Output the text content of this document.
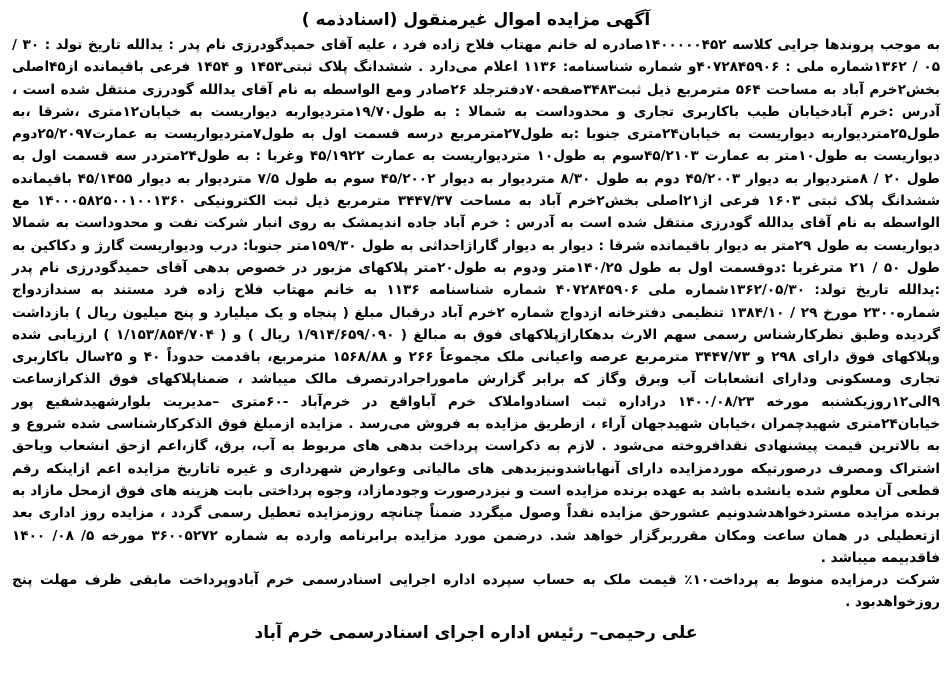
آگهی مزایده اموال غیرمنقول (اسنادذمه )

به موجب پروندها جرایی کلاسه ۱۴۰۰۰۰۰۴۵۲صادره له خانم مهتاب فلاح زاده فرد ، علیه آقای حمیدگودرزی نام پدر : یدالله تاریخ تولد : ۳۰ / ۰۵ / ۱۳۶۲شماره ملی : ۴۰۷۲۸۴۵۹۰۶و شماره شناسنامه: ۱۱۳۶ اعلام می‌دارد . ششدانگ پلاک ثبتی۱۴۵۳ و ۱۴۵۴ فرعی باقیمانده از۴۵اصلی بخش۲خرم آباد به مساحت ۵۶۴ مترمربع ذیل ثبت۳۴۸۳صفحه۷۰دفترجلد ۲۶صادر ومع الواسطه به نام آقای یدالله گودرزی منتقل شده است ، آدرس :خرم آبادخیابان طیب باکاربری تجاری و محدوداست به شمالا : به طول۱۹/۷۰متردیواربه دیواریست به خیابان۱۲متری ،شرقا ،به طول۲۵متردیواربه دیواریست به خیابان۲۴متری جنوبا :به طول۲۷مترمربع درسه قسمت اول به طول۷متردیواریست به عمارت۲۵/۲۰۹۷دوم دیواریست به طول۱۰متر به عمارت ۴۵/۲۱۰۳سوم به طول۱۰ متردیواریست به عمارت ۴۵/۱۹۲۲ وغربا : به طول۲۴متردر سه قسمت اول به طول ۲۰ / ۸متردیوار به دیوار ۴۵/۲۰۰۳ دوم به طول ۸/۳۰ متردیوار به دیوار ۴۵/۲۰۰۲ سوم به طول ۷/۵ متردیوار به دیوار ۴۵/۱۴۵۵ باقیمانده ششدانگ پلاک ثبتی ۱۶۰۳ فرعی از۲۱اصلی بخش۲خرم آباد به مساحت ۳۴۴۷/۳۷ مترمربع ذیل ثبت الکترونیکی ۱۴۰۰۰۵۸۲۵۰۰۱۰۰۱۳۶۰ مع الواسطه به نام آقای یدالله گودرزی منتقل شده است به آدرس : خرم آباد جاده اندیمشک به روی انبار شرکت نفت و محدوداست به شمالا دیواریست به طول ۲۹متر به دیوار باقیمانده شرقا : دیوار به دیوار گاراژاحداثی به طول ۱۵۹/۳۰متر جنوبا: درب ودیواریست گارژ و دکاکین به طول ۵۰ / ۲۱ مترغربا :دوقسمت اول به طول ۱۴۰/۲۵متر ودوم به طول۲۰متر پلاکهای مزبور در خصوص بدهی آقای حمیدگودرزی نام پدر :یدالله تاریخ تولد: ۱۳۶۲/۰۵/۳۰شماره ملی ۴۰۷۲۸۴۵۹۰۶ شماره شناسنامه ۱۱۳۶ به خانم مهتاب فلاح زاده فرد مستند به سندازدواج شماره۲۳۰۰ مورخ ۲۹ / ۱۳۸۴/۱۰ تنظیمی دفترخانه ازدواج شماره ۲خرم آباد درقبال مبلغ ( پنجاه و یک میلیارد و پنج میلیون ریال ) بازداشت گردیده وطبق نظرکارشناس رسمی سهم الارث بدهکارازپلاکهای فوق به مبالغ ( ۱/۹۱۴/۶۵۹/۰۹۰ ریال ) و ( ۱/۱۵۳/۸۵۴/۷۰۴ ) ارزیابی شده وپلاکهای فوق دارای ۲۹۸ و ۳۴۴۷/۷۳ مترمربع عرصه واعیانی ملک مجموعاً ۲۶۶ و ۱۵۶۸/۸۸ مترمربع، باقدمت حدوداً ۴۰ و ۲۵سال باکاربری تجاری ومسکونی ودارای انشعابات آب وبرق وگاز که برابر گزارش ماموراجرادرتصرف مالک میباشد ، ضمناپلاکهای فوق الذکرازساعت ۹الی۱۲روزیکشنبه مورخه ۱۴۰۰/۰۸/۲۳ دراداره ثبت اسنادواملاک خرم آباواقع در خرم‌آباد -۶۰متری –مدیریت بلوارشهیدشفیع پور خیابان۲۴متری شهیدچمران ،خیابان شهیدجهان آراء ، ازطریق مزایده به فروش می‌رسد . مزایده ازمبلغ فوق الذکرکارشناسی شده شروع و به بالاترین قیمت پیشنهادی نقدافروخته می‌شود . لازم به ذکراست پرداخت بدهی های مربوط به آب، برق، گاز،اعم ازحق انشعاب وياحق اشتراک ومصرف درصورتیکه موردمزایده دارای آنهاباشدونیزبدهی های مالیاتی وعوارض شهرداری و غیره تاتاریخ مزایده اعم ازاینکه رقم قطعی آن معلوم شده یانشده باشد به عهده برنده مزایده است و نیزدرصورت وجودمازاد، وجوه پرداختی بابت هزینه های فوق ازمحل مازاد به برنده مزایده مستردخواهدشدونیم عشورحق مزایده نقداً وصول میگردد ضمناً چنانچه روزمزایده تعطیل رسمی گردد ، مزایده روز اداری بعد ازتعطیلی در همان ساعت ومکان مقرربرگزار خواهد شد. درضمن مورد مزایده برابرنامه وارده به شماره ۳۶۰۰۵۲۷۲ مورخه ۵/ ۰۸/ ۱۴۰۰ فاقدبیمه میباشد .

شرکت درمزایده منوط به پرداخت۱۰٪ قیمت ملک به حساب سپرده اداره اجرایی اسنادرسمی خرم آبادوپرداخت مابقی ظرف مهلت پنج روزخواهدبود .

علی رحیمی– رئیس اداره اجرای اسنادرسمی خرم آباد
